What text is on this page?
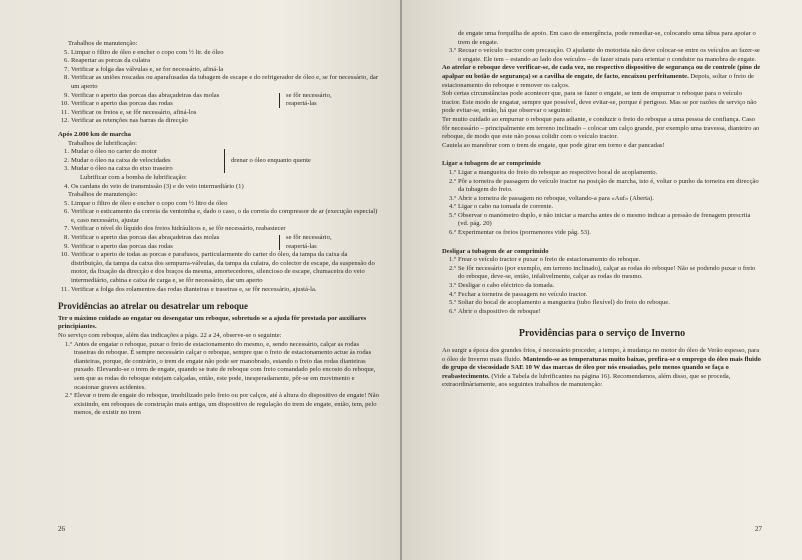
Trabalhos de manutenção:

5. Limpar o filtro de óleo e encher o copo com ½ ltr. de óleo
6. Reapertar as porcas da culatra
7. Verificar a folga das válvulas e, se for necessário, afiná-la
8. Verificar as uniões roscadas ou aparafusadas da tubagem de escape e do refrigerador de óleo e, se for necessário, dar um aperto
9. Verificar o aperto das porcas das abraçadeiras das molas
10. Verificar o aperto das porcas das rodas
se fôr necessário, reapertá-las
11. Verificar os freios e, se fôr necessário, afiná-los
12. Verificar as retenções nas barras da direcção

Após 2.000 km de marcha

Trabalhos de lubrificação:

1. Mudar o óleo no carter do motor
2. Mudar o óleo na caixa de velocidades
3. Mudar o óleo na caixa do eixo traseiro
drenar o óleo enquanto quente

Lubrificar com a bomba de lubrificação:

4. Os cardans do veio de transmissão (3) e do veio intermediário (1)

Trabalhos de manutenção:

5. Limpar o filtro de óleo e encher o copo com ½ litro de óleo
6. Verificar o esticamento da correia da ventoinha e, dado o caso, o da correia do compressor de ar (execução especial) e, caso necessário, ajustar
7. Verificar o nível do líquido dos freios hidráulicos e, se fôr necessário, reabastecer
8. Verificar o aperto das porcas das abraçadeiras das molas
9. Verificar o aperto das porcas das rodas
se fôr necessário, reapertá-las
10. Verificar o aperto de todas as porcas e parafusos, particularmente do carter do óleo, da tampa da caixa da distribuição, da tampa da caixa dos sempurra-válvulas, da tampa da culatra, do colector de escape, da suspensão do motor, da fixação da direcção e dos braços da mesma, amortecedores, silencioso de escape, chumaceira do veio intermediário, cabina e caixa de carga e, se fôr necessário, dar um aperto
11. Verificar a folga dos rolamentos das rodas dianteiras e traseiras e, se fôr necessário, ajustá-la.

Providências ao atrelar ou desatrelar um reboque

Ter o máximo cuidado ao engatar ou desengatar um reboque, sobretudo se a ajuda fôr prestada por auxiliares principiantes.

No serviço com reboque, além das indicações a págs. 22 a 24, observe-se o seguinte:

1.º Antes de engatar o reboque, puxar o freio de estacionamento do mesmo, e, sendo necessário, calçar as rodas traseiras do reboque. É sempre necessário calçar o reboque, sempre que o freio de estacionamento actue às rodas dianteiras, porque, de contrário, o trem de engate não pode ser manobrado, estando o freio das rodas dianteiras puxado. Elevando-se o trem de engate, quando se trate de reboque com freio comandado pelo encosto do reboque, sem que as rodas do reboque estejam calçadas, então, este pode, inesperadamente, pôr-se em movimento e ocasionar graves acidentes.
2.º Elevar o trem de engate do reboque, imobilizado pelo freio ou por calços, até à altura do dispositivo de engate! Não existindo, em reboques de construção mais antiga, um dispositivo de regulação do trem de engate, então, tem, pelo menos, de existir no trem
26

de engate uma forquilha de apoio. Em caso de emergência, pode remediar-se, colocando uma tábua para apoiar o trem de engate.

3.º Recuar o veículo tractor com precaução. O ajudante do motorista não deve colocar-se entre os veículos ao fazer-se o engate. Ele tem – estando ao lado dos veículos – de fazer sinais para orientar o condutor na manobra de engate.

Ao atrelar o reboque deve verificar-se, de cada vez, no respectivo dispositivo de segurança ou de controle (pino de apalpar ou botão de segurança) se a cavilha de engate, de facto, encaixou perfeitamente. Depois, soltar o freio de estacionamento do reboque e remover os calços.

Sob certas circunstâncias pode acontecer que, para se fazer o engate, se tem de empurrar o reboque para o veículo tractor. Este modo de engatar, sempre que possível, deve evitar-se, porque é perigoso. Mas se por razões de serviço não pode evitar-se, então, há que observar o seguinte:

Ter muito cuidado ao empurrar o reboque para adiante, e conduzir o freio do reboque a uma pessoa de confiança. Caso fôr necessário – principalmente em terreno inclinado – colocar um calço grande, por exemplo uma travessa, dianteiro ao reboque, de modo que este não possa colidir com o veículo tractor.

Cautela ao manobrar com o trem de engate, que pode girar em torno e dar pancadas!

Ligar a tubagem de ar comprimido

1.º Ligar a mangueira do freio do reboque ao respectivo bocal de acoplamento.
2.º Pôr a torneira de passagem do veículo tractor na posição de marcha, isto é, voltar o punho da torneira em direcção da tubagem do freio.
3.º Abrir a torneira de passagem no reboque, voltando-a para «Auf» (Aberta).
4.º Ligar o cabo na tomada de corrente.
5.º Observar o manómetro duplo, e não iniciar a marcha antes de o mesmo indicar a pressão de frenagem prescrita (vd. pág. 20)
6.º Experimentar os freios (pormenores vide pág. 53).

Desligar a tubagem de ar comprimido

1.º Frear o veículo tractor e puxar o freio de estacionamento do reboque.
2.º Se fôr necessário (por exemplo, em terreno inclinado), calçar as rodas do reboque! Não se podendo puxar o freio do reboque, deve-se, então, infalivelmente, calçar as rodas do mesmo.
3.º Desligar o cabo eléctrico da tomada.
4.º Fechar a torneira de passagem no veículo tractor.
5.º Soltar do bocal de acoplamento a mangueira (tubo flexível) do freio do reboque.
6.º Abrir o dispositivo de reboque!

Providências para o serviço de Inverno

Ao surgir a época dos grandes frios, é necessário proceder, a tempo, à mudança no motor do óleo de Verão espesso, para o óleo de Inverno mais fluido. Mantendo-se as temperaturas muito baixas, prefira-se o emprego do óleo mais fluido do grupo de viscosidade SAE 10 W das marcas de óleo por nós ensaiadas, pelo menos quando se faça o reabastecimento. (Vide a Tabela de lubrificantes na página 16). Recomendamos, além disso, que se proceda, extraordinàriamente, aos seguintes trabalhos de manutenção:

27
